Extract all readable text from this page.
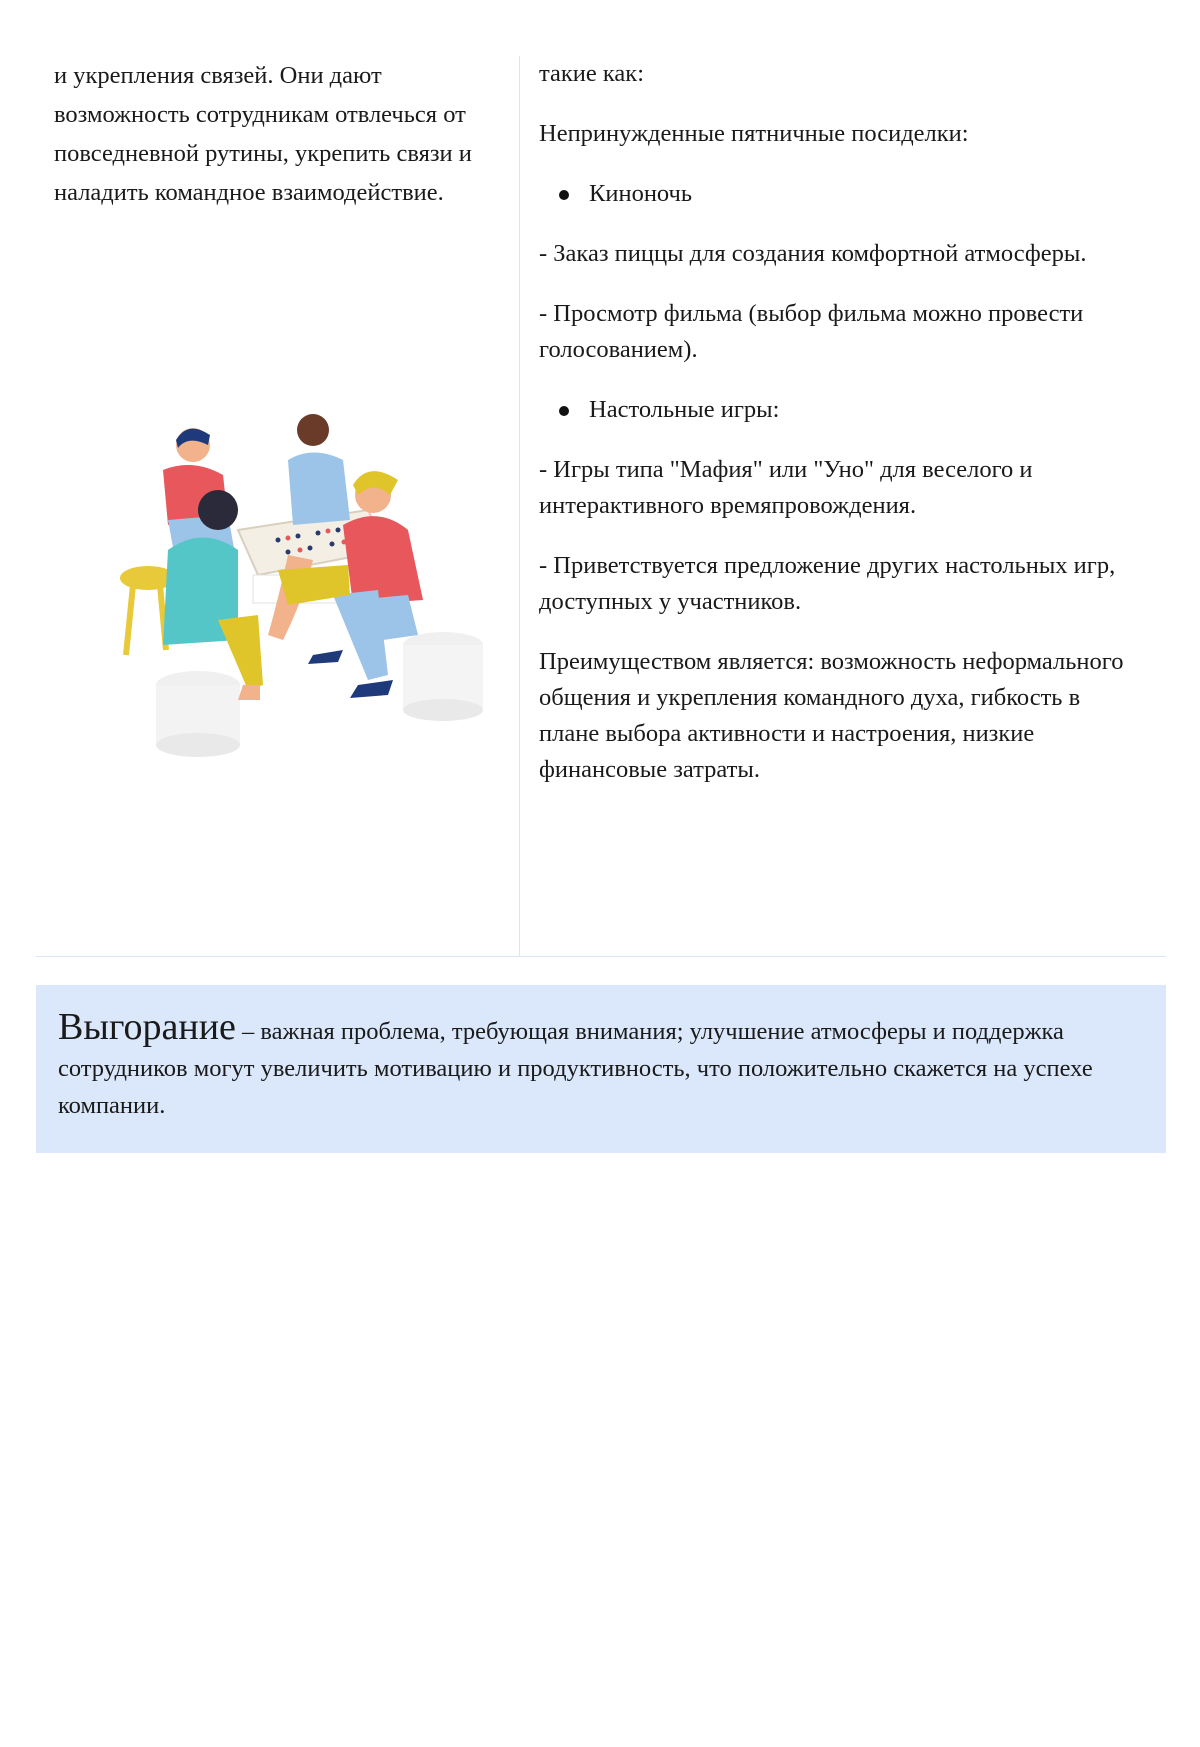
и укрепления связей. Они дают возможность сотрудникам отвлечься от повседневной рутины, укрепить связи и наладить командное взаимодействие.

такие как:

Непринужденные пятничные посиделки:

Киноночь

- Заказ пиццы для создания комфортной атмосферы.

- Просмотр фильма (выбор фильма можно провести голосованием).

Настольные игры:

- Игры типа "Мафия" или "Уно" для веселого и интерактивного времяпровождения.

- Приветствуется предложение других настольных игр, доступных у участников.

Преимуществом является: возможность неформального общения и укрепления командного духа, гибкость в плане выбора активности и настроения, низкие финансовые затраты.

Выгорание – важная проблема, требующая внимания; улучшение атмосферы и поддержка сотрудников могут увеличить мотивацию и продуктивность, что положительно скажется на успехе компании.
